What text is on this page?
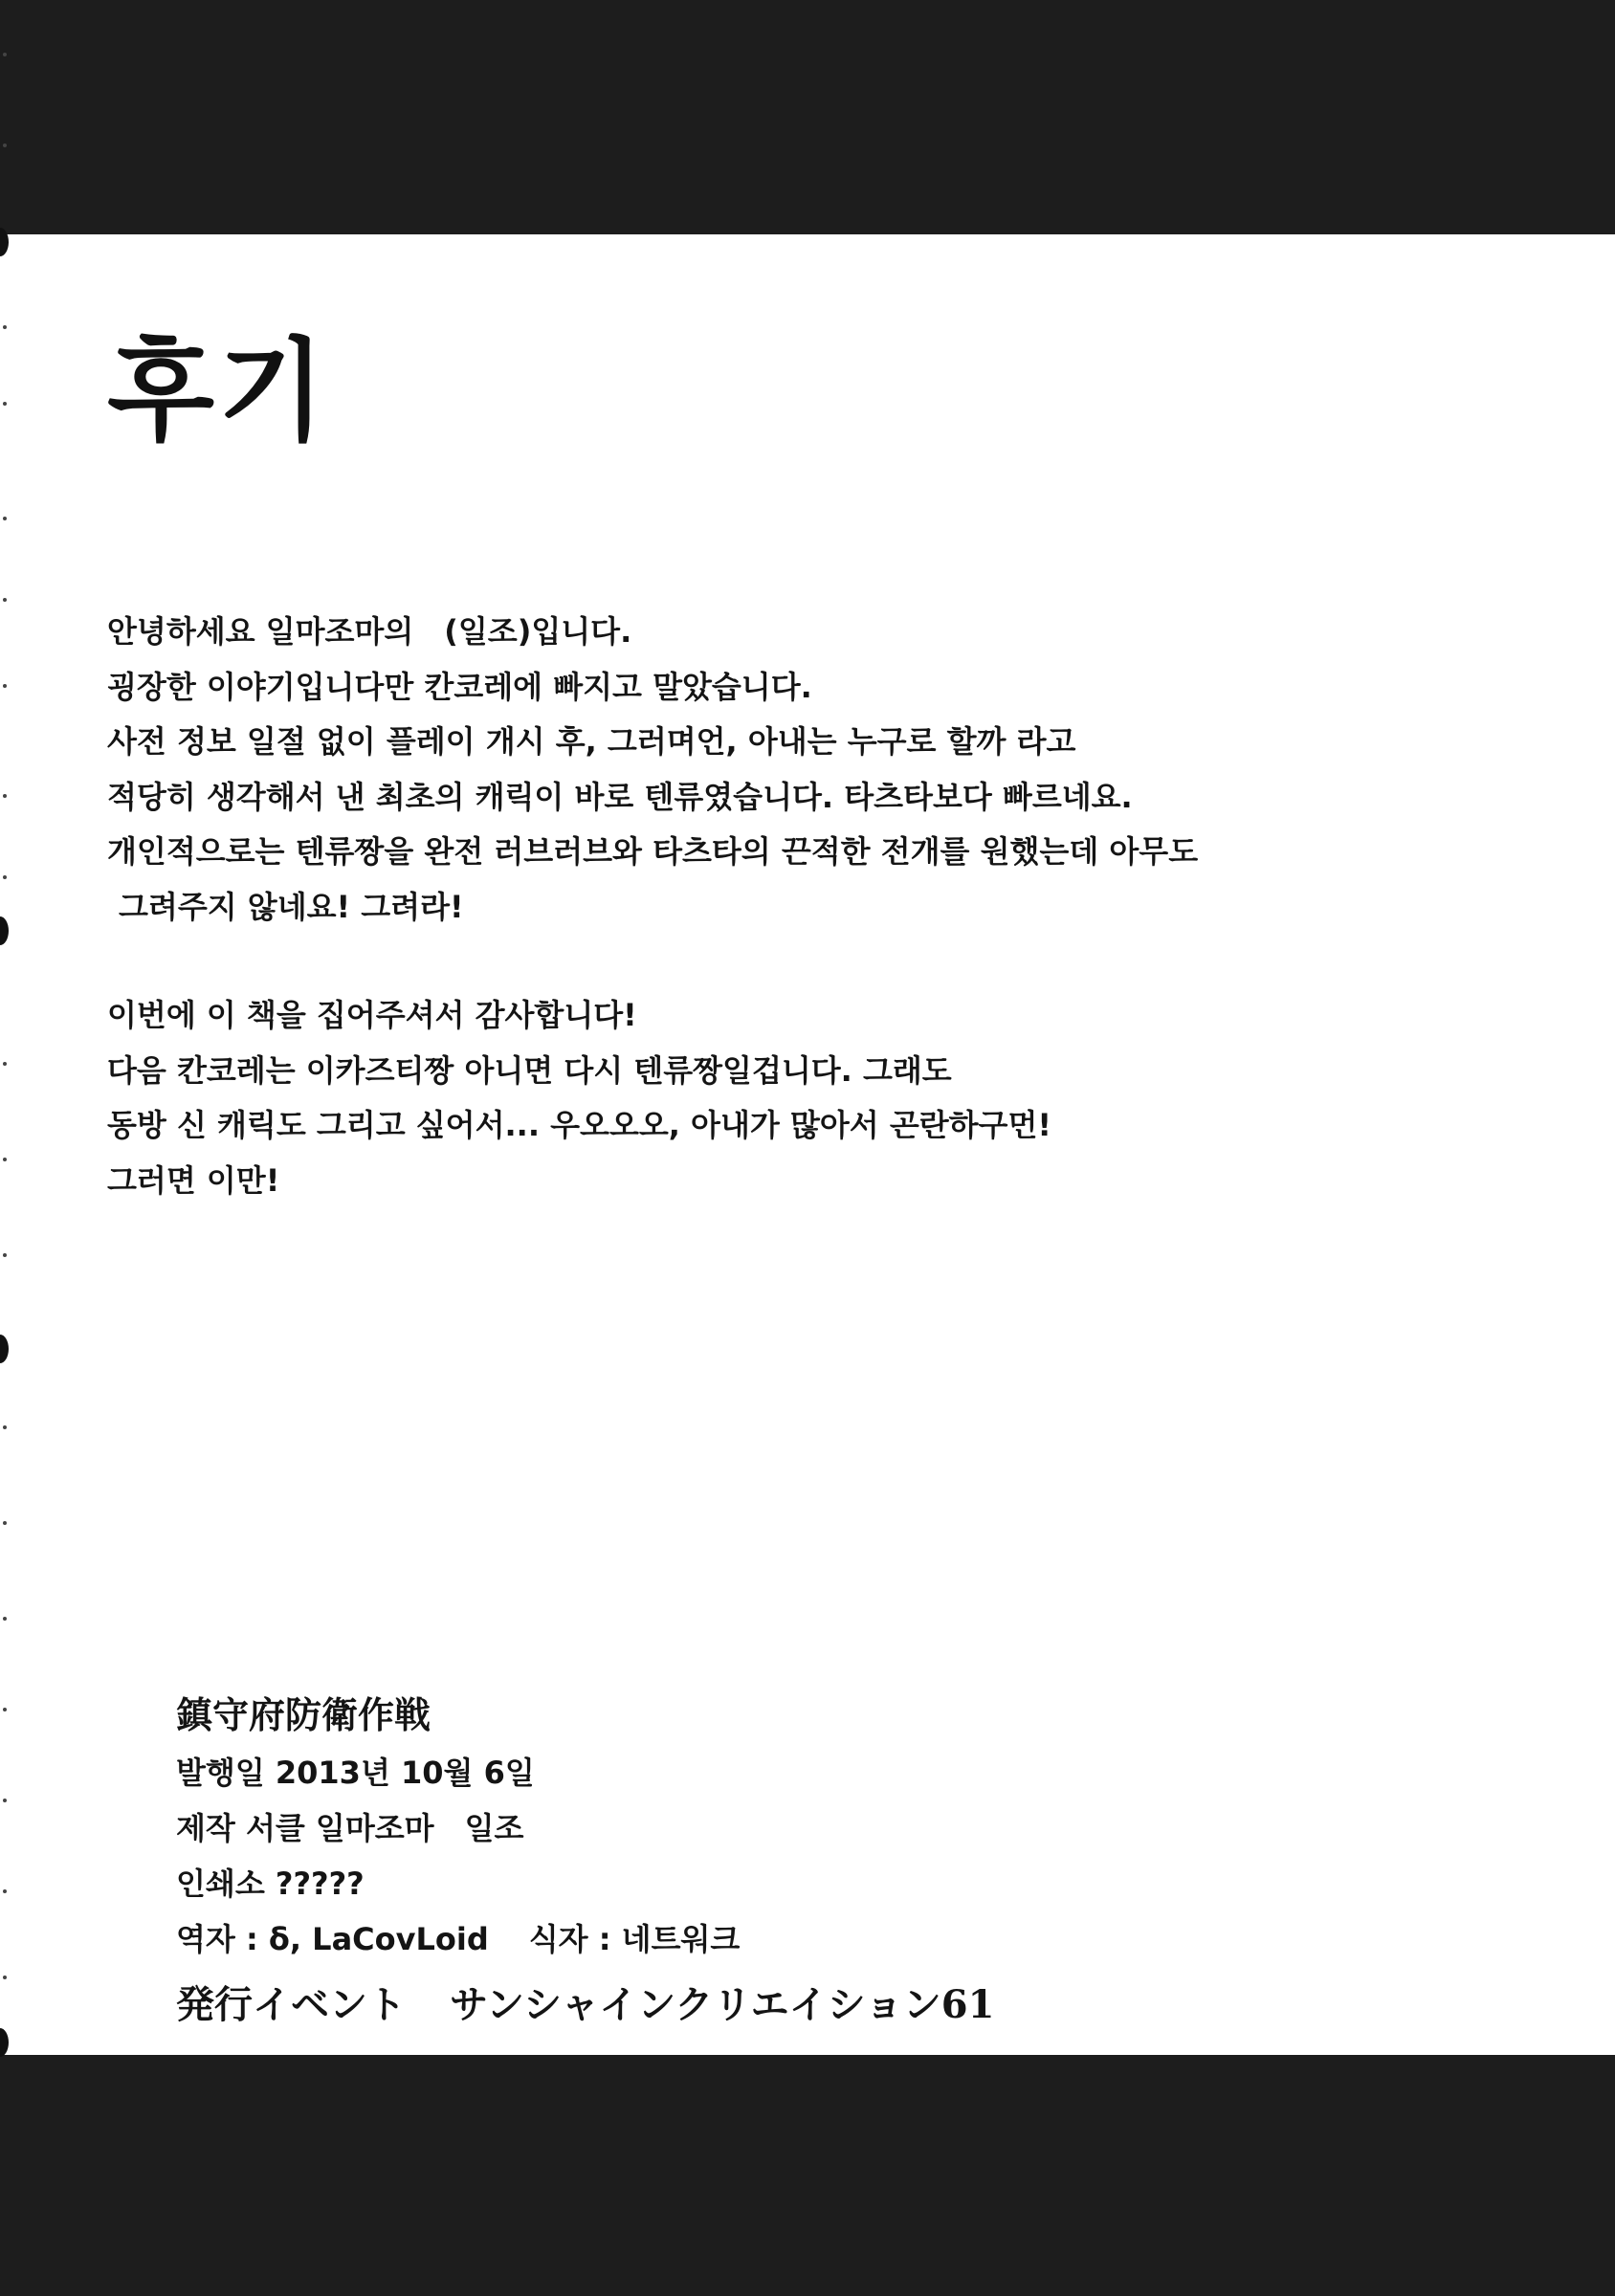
후기
안녕하세요 일마조마의　(일조)입니다.
굉장한 이야기입니다만 칸코레에 빠지고 말았습니다.
사전 정보 일절 없이 플레이 개시 후, 그러며언, 아내는 누구로 할까 라고
적당히 생각해서 낸 최초의 캐릭이 바로 텐류였습니다. 타츠타보다 빠르네요.
개인적으로는 텐류짱을 완전 러브러브와 타츠타의 끈적한 전개를 원했는데 아무도
그려주지 않네요! 그려라!
이번에 이 책을 집어주셔서 감사합니다!
다음 칸코레는 이카즈티짱 아니면 다시 텐류짱일겁니다. 그래도
동방 신 캐릭도 그리고 싶어서... 우오오오, 아내가 많아서 곤란하구먼!
그러면 이만!
鎮守府防衛作戦
발행일 2013년 10월 6일
제작 서클 일마조마　일조
인쇄소 ?????
역자 : δ, LaCovLoid 식자 : 네트워크
発行イベント サンシャインクリエイション61
